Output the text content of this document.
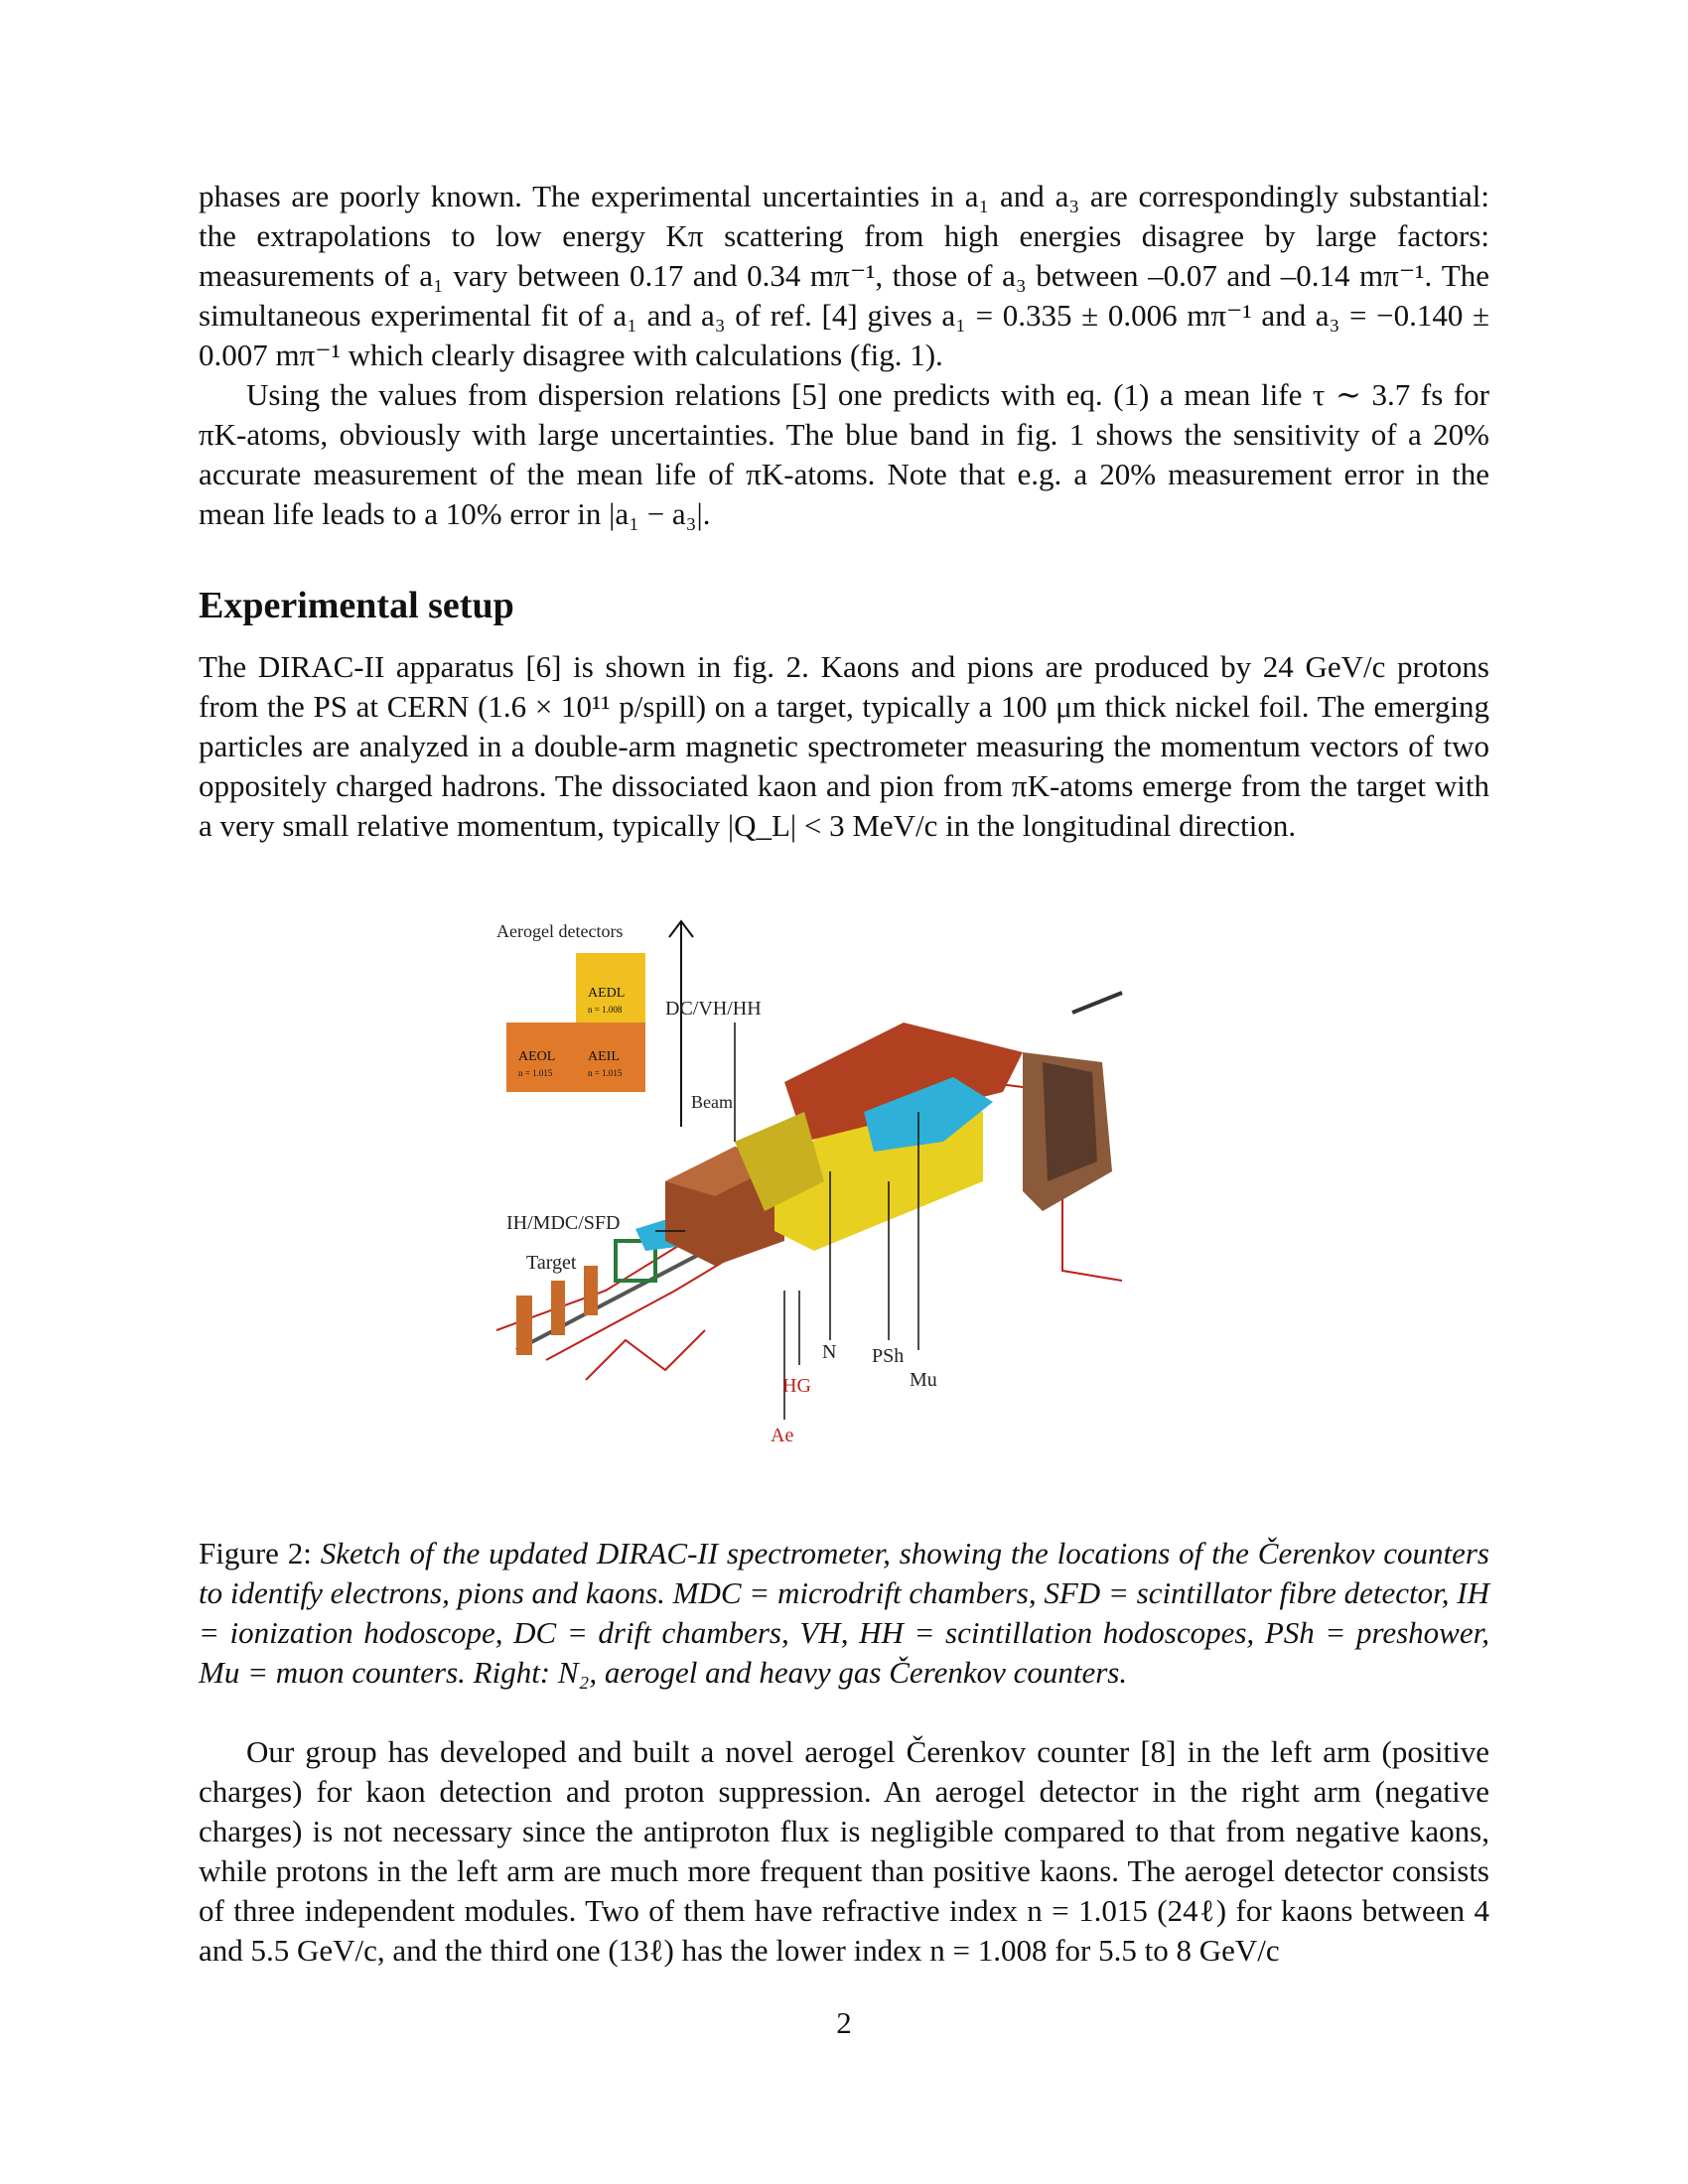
phases are poorly known. The experimental uncertainties in a₁ and a₃ are correspondingly substantial: the extrapolations to low energy Kπ scattering from high energies disagree by large factors: measurements of a₁ vary between 0.17 and 0.34 mπ⁻¹, those of a₃ between –0.07 and –0.14 mπ⁻¹. The simultaneous experimental fit of a₁ and a₃ of ref. [4] gives a₁ = 0.335 ± 0.006 mπ⁻¹ and a₃ = −0.140 ± 0.007 mπ⁻¹ which clearly disagree with calculations (fig. 1).

Using the values from dispersion relations [5] one predicts with eq. (1) a mean life τ ∼ 3.7 fs for πK-atoms, obviously with large uncertainties. The blue band in fig. 1 shows the sensitivity of a 20% accurate measurement of the mean life of πK-atoms. Note that e.g. a 20% measurement error in the mean life leads to a 10% error in |a₁ − a₃|.

Experimental setup

The DIRAC-II apparatus [6] is shown in fig. 2. Kaons and pions are produced by 24 GeV/c protons from the PS at CERN (1.6 × 10¹¹ p/spill) on a target, typically a 100 μm thick nickel foil. The emerging particles are analyzed in a double-arm magnetic spectrometer measuring the momentum vectors of two oppositely charged hadrons. The dissociated kaon and pion from πK-atoms emerge from the target with a very small relative momentum, typically |Q_L| < 3 MeV/c in the longitudinal direction.

Aerogel detectors
AEDL
n = 1.008
AEOL
n = 1.015
AEIL
n = 1.015
Beam
DC/VH/HH
IH/MDC/SFD
Target
N PSh
Mu
HG
Ae
Figure 2: Sketch of the updated DIRAC-II spectrometer, showing the locations of the Čerenkov counters to identify electrons, pions and kaons. MDC = microdrift chambers, SFD = scintillator fibre detector, IH = ionization hodoscope, DC = drift chambers, VH, HH = scintillation hodoscopes, PSh = preshower, Mu = muon counters. Right: N₂, aerogel and heavy gas Čerenkov counters.

Our group has developed and built a novel aerogel Čerenkov counter [8] in the left arm (positive charges) for kaon detection and proton suppression. An aerogel detector in the right arm (negative charges) is not necessary since the antiproton flux is negligible compared to that from negative kaons, while protons in the left arm are much more frequent than positive kaons. The aerogel detector consists of three independent modules. Two of them have refractive index n = 1.015 (24ℓ) for kaons between 4 and 5.5 GeV/c, and the third one (13ℓ) has the lower index n = 1.008 for 5.5 to 8 GeV/c

2
